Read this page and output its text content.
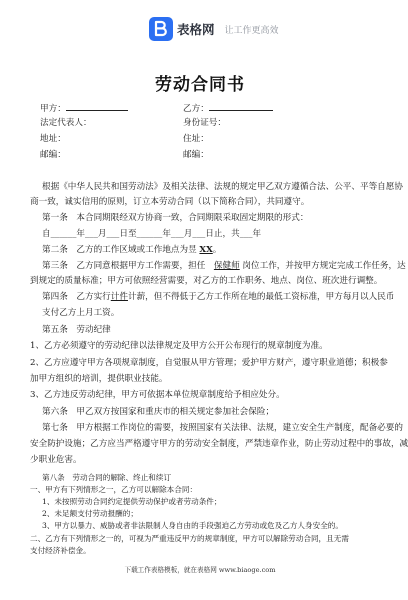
表格网 让工作更高效
劳动合同书
甲方：	乙方：
法定代表人：	身份证号：
地址：	住址：
邮编：	邮编：
根据《中华人民共和国劳动法》及相关法律、法规的规定甲乙双方遵循合法、公平、平等自愿协
商一致，诚实信用的原则，订立本劳动合同（以下简称合同），共同遵守。
第一条　本合同期限经双方协商一致，合同期限采取固定期限的形式：
自______年___月___日至______年___月___日止，共___年
第二条　乙方的工作区域或工作地点为昱 XX。
第三条　乙方同意根据甲方工作需要，担任　保健师 岗位工作，并按甲方规定完成工作任务，达
到规定的质量标准；甲方可依照经营需要，对乙方的工作职务、地点、岗位、班次进行调整。
第四条　乙方实行计件计薪，但不得低于乙方工作所在地的最低工资标准，甲方每月以人民币
支付乙方上月工资。
第五条　劳动纪律
1、乙方必须遵守的劳动纪律以法律规定及甲方公开公布现行的规章制度为准。
2、乙方应遵守甲方各项规章制度，自觉服从甲方管理；爱护甲方财产，遵守职业道德；积极参
加甲方组织的培训，提供职业技能。
3、乙方违反劳动纪律，甲方可依据本单位规章制度给予相应处分。
第六条　甲乙双方按国家和重庆市的相关规定参加社会保险；
第七条　甲方根据工作岗位的需要，按照国家有关法律、法规，建立安全生产制度，配备必要的
安全防护设施；乙方应当严格遵守甲方的劳动安全制度，严禁违章作业，防止劳动过程中的事故，减
少职业危害。
第八条　劳动合同的解除、终止和续订
一、甲方有下列情形之一，乙方可以解除本合同：
1、未按照劳动合同约定提供劳动保护或者劳动条件；
2、未足额支付劳动报酬的；
3、甲方以暴力、威胁或者非法限制人身自由的手段强迫乙方劳动或危及乙方人身安全的。
二、乙方有下列情形之一的，可视为严重违反甲方的规章制度，甲方可以解除劳动合同，且无需
支付经济补偿金。
下载工作表格模板，就在表格网 www.biaoge.com
